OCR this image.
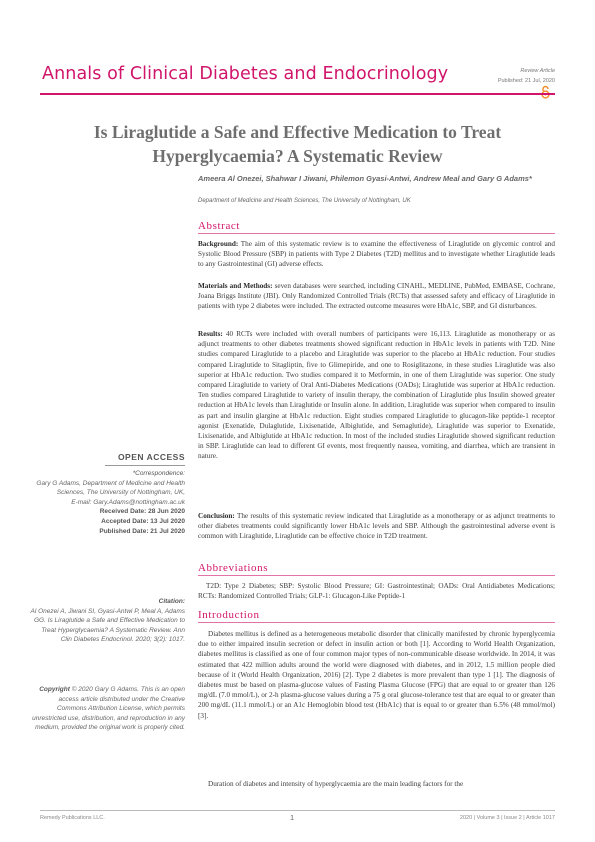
Annals of Clinical Diabetes and Endocrinology	Review Article
Published: 21 Jul, 2020
Is Liraglutide a Safe and Effective Medication to Treat Hyperglycaemia? A Systematic Review
Ameera Al Onezei, Shahwar I Jiwani, Philemon Gyasi-Antwi, Andrew Meal and Gary G Adams*
Department of Medicine and Health Sciences, The University of Nottingham, UK
Abstract
Background: The aim of this systematic review is to examine the effectiveness of Liraglutide on glycemic control and Systolic Blood Pressure (SBP) in patients with Type 2 Diabetes (T2D) mellitus and to investigate whether Liraglutide leads to any Gastrointestinal (GI) adverse effects.
Materials and Methods: seven databases were searched, including CINAHL, MEDLINE, PubMed, EMBASE, Cochrane, Joana Briggs Institute (JBI). Only Randomized Controlled Trials (RCTs) that assessed safety and efficacy of Liraglutide in patients with type 2 diabetes were included. The extracted outcome measures were HbA1c, SBP, and GI disturbances.
Results: 40 RCTs were included with overall numbers of participants were 16,113. Liraglutide as monotherapy or as adjunct treatments to other diabetes treatments showed significant reduction in HbA1c levels in patients with T2D. Nine studies compared Liraglutide to a placebo and Liraglutide was superior to the placebo at HbA1c reduction. Four studies compared Liraglutide to Sitagliptin, five to Glimepiride, and one to Rosiglitazone, in these studies Liraglutide was also superior at HbA1c reduction. Two studies compared it to Metformin, in one of them Liraglutide was superior. One study compared Liraglutide to variety of Oral Anti-Diabetes Medications (OADs); Liraglutide was superior at HbA1c reduction. Ten studies compared Liraglutide to variety of insulin therapy, the combination of Liraglutide plus Insulin showed greater reduction at HbA1c levels than Liraglutide or Insulin alone. In addition, Liraglutide was superior when compared to insulin as part and insulin glargine at HbA1c reduction. Eight studies compared Liraglutide to glucagon-like peptide-1 receptor agonist (Exenatide, Dulaglutide, Lixisenatide, Albiglutide, and Semaglutide), Liraglutide was superior to Exenatide, Lixisenatide, and Albiglutide at HbA1c reduction. In most of the included studies Liraglutide showed significant reduction in SBP. Liraglutide can lead to different GI events, most frequently nausea, vomiting, and diarrhea, which are transient in nature.
Conclusion: The results of this systematic review indicated that Liraglutide as a monotherapy or as adjunct treatments to other diabetes treatments could significantly lower HbA1c levels and SBP. Although the gastrointestinal adverse event is common with Liraglutide, Liraglutide can be effective choice in T2D treatment.
Abbreviations
T2D: Type 2 Diabetes; SBP: Systolic Blood Pressure; GI: Gastrointestinal; OADs: Oral Antidiabetes Medications; RCTs: Randomized Controlled Trials; GLP-1: Glucagon-Like Peptide-1
Introduction
Diabetes mellitus is defined as a heterogeneous metabolic disorder that clinically manifested by chronic hyperglycemia due to either impaired insulin secretion or defect in insulin action or both [1]. According to World Health Organization, diabetes mellitus is classified as one of four common major types of non-communicable disease worldwide. In 2014, it was estimated that 422 million adults around the world were diagnosed with diabetes, and in 2012, 1.5 million people died because of it (World Health Organization, 2016) [2]. Type 2 diabetes is more prevalent than type 1 [1]. The diagnosis of diabetes must be based on plasma-glucose values of Fasting Plasma Glucose (FPG) that are equal to or greater than 126 mg/dL (7.0 mmol/L), or 2-h plasma-glucose values during a 75 g oral glucose-tolerance test that are equal to or greater than 200 mg/dL (11.1 mmol/L) or an A1c Hemoglobin blood test (HbA1c) that is equal to or greater than 6.5% (48 mmol/mol) [3].
Duration of diabetes and intensity of hyperglycaemia are the main leading factors for the
OPEN ACCESS
*Correspondence:
Gary G Adams, Department of Medicine and Health Sciences, The University of Nottingham, UK,
E-mail: Gary.Adams@nottingham.ac.uk
Received Date: 28 Jun 2020
Accepted Date: 13 Jul 2020
Published Date: 21 Jul 2020
Citation:
Al Onezei A, Jiwani SI, Gyasi-Antwi P, Meal A, Adams GG. Is Liraglutide a Safe and Effective Medication to Treat Hyperglycaemia? A Systematic Review. Ann Clin Diabetes Endocrinol. 2020; 3(2): 1017.
Copyright © 2020 Gary G Adams. This is an open access article distributed under the Creative Commons Attribution License, which permits unrestricted use, distribution, and reproduction in any medium, provided the original work is properly cited.
Remedy Publications LLC.	1	2020 | Volume 3 | Issue 2 | Article 1017
